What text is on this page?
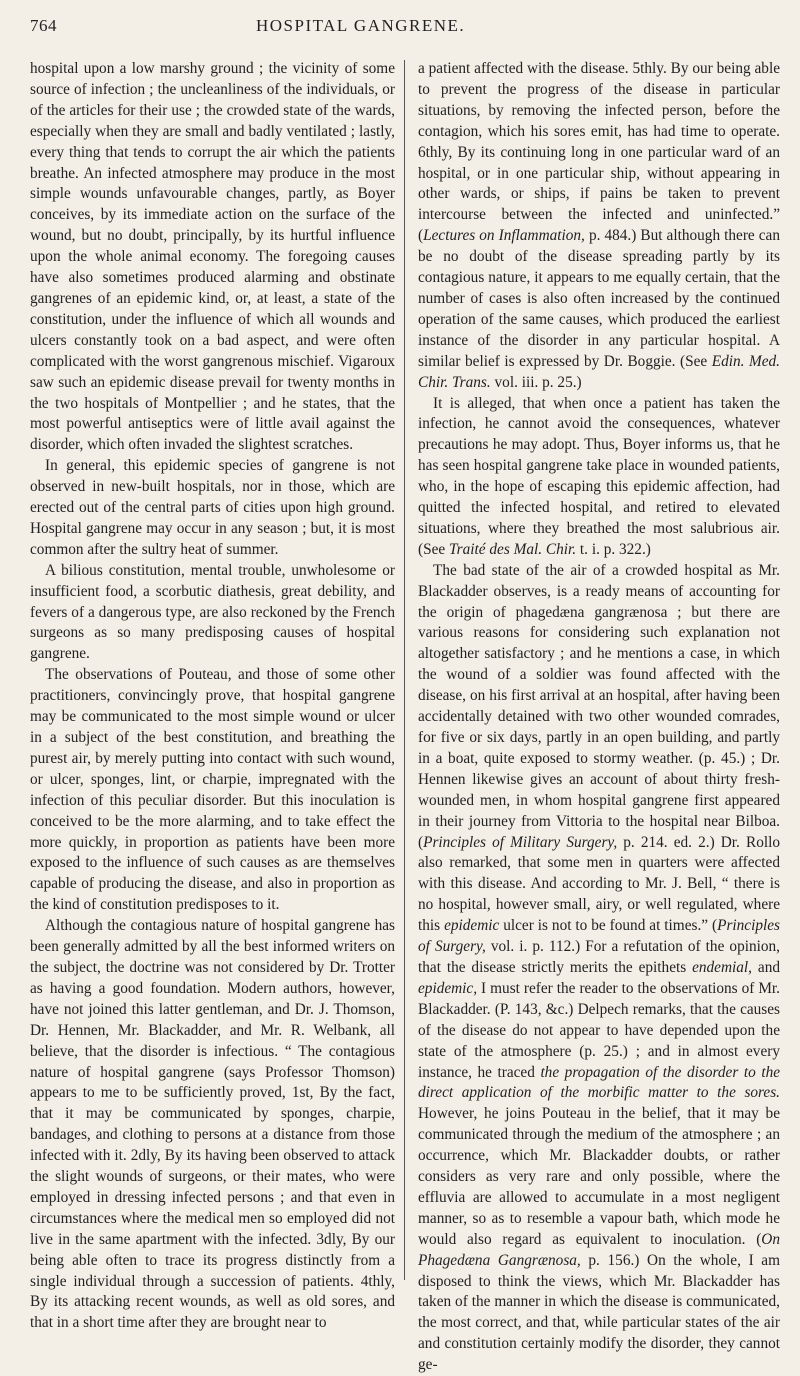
764	HOSPITAL GANGRENE.

hospital upon a low marshy ground ; the vicinity of some source of infection ; the uncleanliness of the individuals, or of the articles for their use ; the crowded state of the wards, especially when they are small and badly ventilated ; lastly, every thing that tends to corrupt the air which the patients breathe. An infected atmosphere may produce in the most simple wounds unfavourable changes, partly, as Boyer conceives, by its immediate action on the surface of the wound, but no doubt, principally, by its hurtful influence upon the whole animal economy. The foregoing causes have also sometimes produced alarming and obstinate gangrenes of an epidemic kind, or, at least, a state of the constitution, under the influence of which all wounds and ulcers constantly took on a bad aspect, and were often complicated with the worst gangrenous mischief. Vigaroux saw such an epidemic disease prevail for twenty months in the two hospitals of Montpellier ; and he states, that the most powerful antiseptics were of little avail against the disorder, which often invaded the slightest scratches.

In general, this epidemic species of gangrene is not observed in new-built hospitals, nor in those, which are erected out of the central parts of cities upon high ground. Hospital gangrene may occur in any season ; but, it is most common after the sultry heat of summer.

A bilious constitution, mental trouble, unwholesome or insufficient food, a scorbutic diathesis, great debility, and fevers of a dangerous type, are also reckoned by the French surgeons as so many predisposing causes of hospital gangrene.

The observations of Pouteau, and those of some other practitioners, convincingly prove, that hospital gangrene may be communicated to the most simple wound or ulcer in a subject of the best constitution, and breathing the purest air, by merely putting into contact with such wound, or ulcer, sponges, lint, or charpie, impregnated with the infection of this peculiar disorder. But this inoculation is conceived to be the more alarming, and to take effect the more quickly, in proportion as patients have been more exposed to the influence of such causes as are themselves capable of producing the disease, and also in proportion as the kind of constitution predisposes to it.

Although the contagious nature of hospital gangrene has been generally admitted by all the best informed writers on the subject, the doctrine was not considered by Dr. Trotter as having a good foundation. Modern authors, however, have not joined this latter gentleman, and Dr. J. Thomson, Dr. Hennen, Mr. Blackadder, and Mr. R. Welbank, all believe, that the disorder is infectious. “ The contagious nature of hospital gangrene (says Professor Thomson) appears to me to be sufficiently proved, 1st, By the fact, that it may be communicated by sponges, charpie, bandages, and clothing to persons at a distance from those infected with it. 2dly, By its having been observed to attack the slight wounds of surgeons, or their mates, who were employed in dressing infected persons ; and that even in circumstances where the medical men so employed did not live in the same apartment with the infected. 3dly, By our being able often to trace its progress distinctly from a single individual through a succession of patients. 4thly, By its attacking recent wounds, as well as old sores, and that in a short time after they are brought near to

a patient affected with the disease. 5thly. By our being able to prevent the progress of the disease in particular situations, by removing the infected person, before the contagion, which his sores emit, has had time to operate. 6thly, By its continuing long in one particular ward of an hospital, or in one particular ship, without appearing in other wards, or ships, if pains be taken to prevent intercourse between the infected and uninfected.” (Lectures on Inflammation, p. 484.) But although there can be no doubt of the disease spreading partly by its contagious nature, it appears to me equally certain, that the number of cases is also often increased by the continued operation of the same causes, which produced the earliest instance of the disorder in any particular hospital. A similar belief is expressed by Dr. Boggie. (See Edin. Med. Chir. Trans. vol. iii. p. 25.)

It is alleged, that when once a patient has taken the infection, he cannot avoid the consequences, whatever precautions he may adopt. Thus, Boyer informs us, that he has seen hospital gangrene take place in wounded patients, who, in the hope of escaping this epidemic affection, had quitted the infected hospital, and retired to elevated situations, where they breathed the most salubrious air. (See Traité des Mal. Chir. t. i. p. 322.)

The bad state of the air of a crowded hospital as Mr. Blackadder observes, is a ready means of accounting for the origin of phagedæna gangrænosa ; but there are various reasons for considering such explanation not altogether satisfactory ; and he mentions a case, in which the wound of a soldier was found affected with the disease, on his first arrival at an hospital, after having been accidentally detained with two other wounded comrades, for five or six days, partly in an open building, and partly in a boat, quite exposed to stormy weather. (p. 45.) ; Dr. Hennen likewise gives an account of about thirty fresh-wounded men, in whom hospital gangrene first appeared in their journey from Vittoria to the hospital near Bilboa. (Principles of Military Surgery, p. 214. ed. 2.) Dr. Rollo also remarked, that some men in quarters were affected with this disease. And according to Mr. J. Bell, “ there is no hospital, however small, airy, or well regulated, where this epidemic ulcer is not to be found at times.” (Principles of Surgery, vol. i. p. 112.) For a refutation of the opinion, that the disease strictly merits the epithets endemial, and epidemic, I must refer the reader to the observations of Mr. Blackadder. (P. 143, &c.) Delpech remarks, that the causes of the disease do not appear to have depended upon the state of the atmosphere (p. 25.) ; and in almost every instance, he traced the propagation of the disorder to the direct application of the morbific matter to the sores. However, he joins Pouteau in the belief, that it may be communicated through the medium of the atmosphere ; an occurrence, which Mr. Blackadder doubts, or rather considers as very rare and only possible, where the effluvia are allowed to accumulate in a most negligent manner, so as to resemble a vapour bath, which mode he would also regard as equivalent to inoculation. (On Phagedæna Gangrænosa, p. 156.) On the whole, I am disposed to think the views, which Mr. Blackadder has taken of the manner in which the disease is communicated, the most correct, and that, while particular states of the air and constitution certainly modify the disorder, they cannot ge-
